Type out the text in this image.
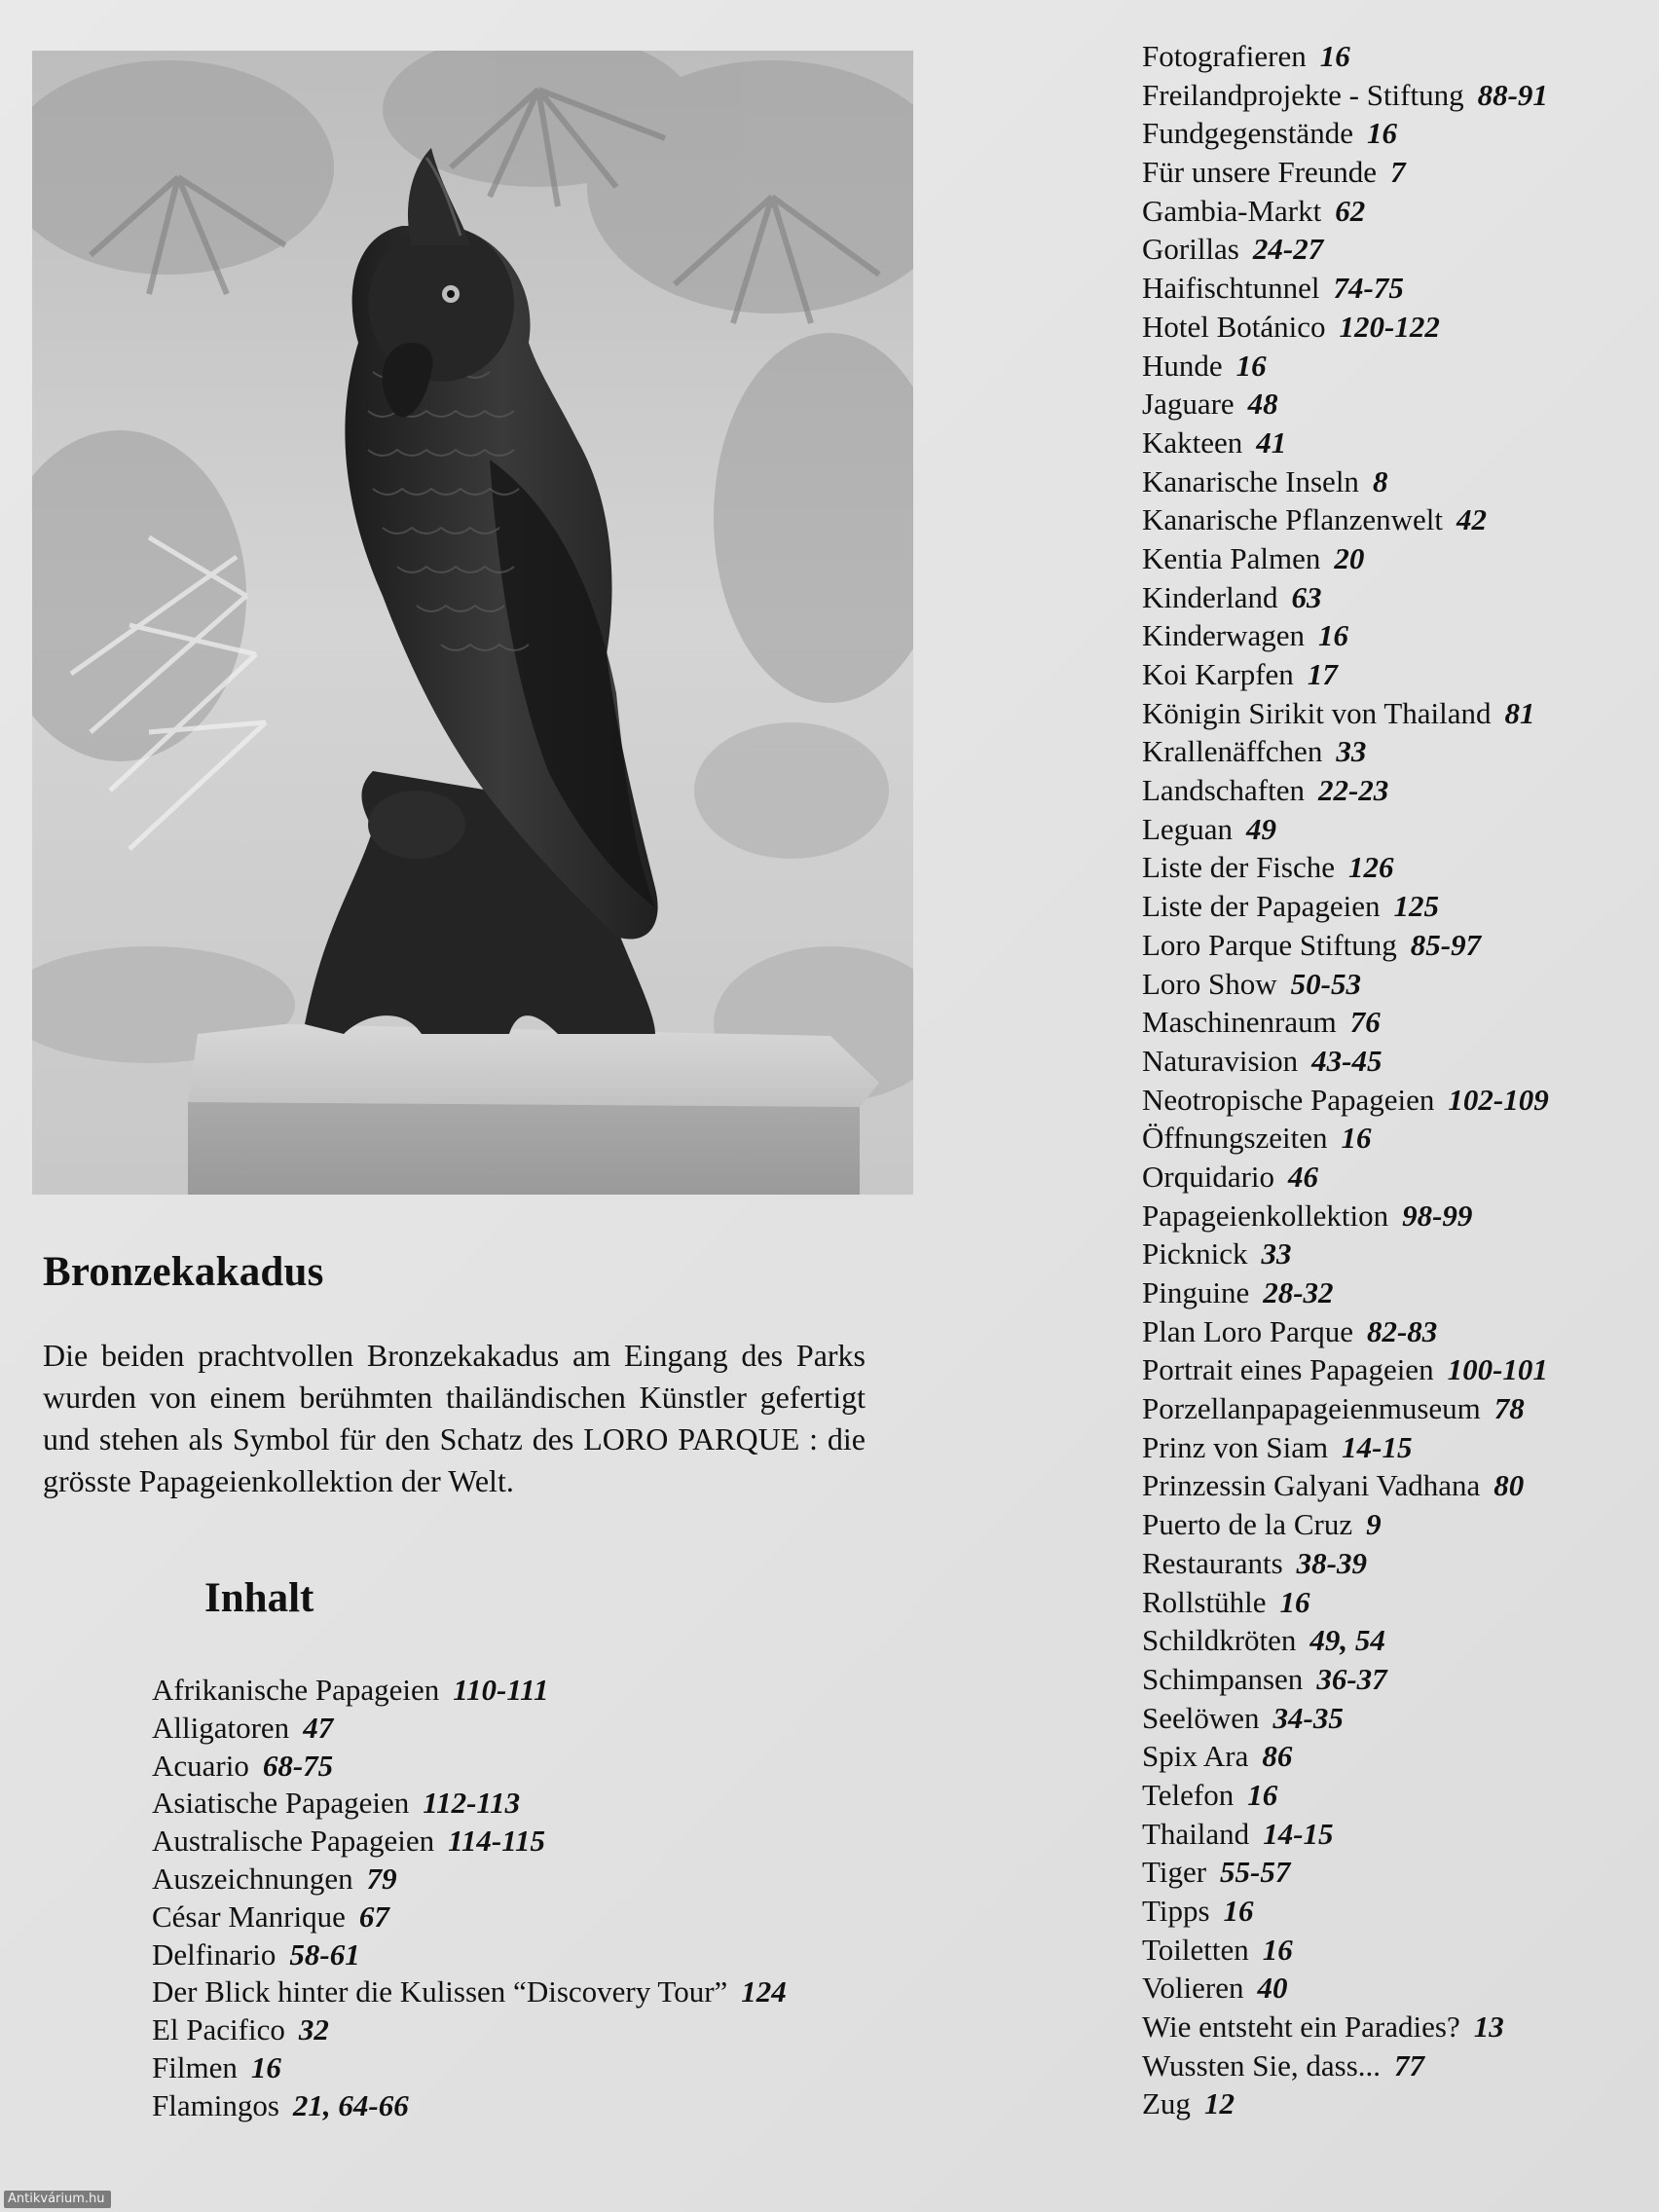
Bronzekakadus

Die beiden prachtvollen Bronzekakadus am Eingang des Parks wurden von einem berühmten thailändischen Künstler gefertigt und stehen als Symbol für den Schatz des LORO PARQUE : die grösste Papageienkollektion der Welt.

Inhalt
Afrikanische Papageien 110-111
Alligatoren 47
Acuario 68-75
Asiatische Papageien 112-113
Australische Papageien 114-115
Auszeichnungen 79
César Manrique 67
Delfinario 58-61
Der Blick hinter die Kulissen “Discovery Tour” 124
El Pacifico 32
Filmen 16
Flamingos 21, 64-66
Fotografieren 16
Freilandprojekte - Stiftung 88-91
Fundgegenstände 16
Für unsere Freunde 7
Gambia-Markt 62
Gorillas 24-27
Haifischtunnel 74-75
Hotel Botánico 120-122
Hunde 16
Jaguare 48
Kakteen 41
Kanarische Inseln 8
Kanarische Pflanzenwelt 42
Kentia Palmen 20
Kinderland 63
Kinderwagen 16
Koi Karpfen 17
Königin Sirikit von Thailand 81
Krallenäffchen 33
Landschaften 22-23
Leguan 49
Liste der Fische 126
Liste der Papageien 125
Loro Parque Stiftung 85-97
Loro Show 50-53
Maschinenraum 76
Naturavision 43-45
Neotropische Papageien 102-109
Öffnungszeiten 16
Orquidario 46
Papageienkollektion 98-99
Picknick 33
Pinguine 28-32
Plan Loro Parque 82-83
Portrait eines Papageien 100-101
Porzellanpapageienmuseum 78
Prinz von Siam 14-15
Prinzessin Galyani Vadhana 80
Puerto de la Cruz 9
Restaurants 38-39
Rollstühle 16
Schildkröten 49, 54
Schimpansen 36-37
Seelöwen 34-35
Spix Ara 86
Telefon 16
Thailand 14-15
Tiger 55-57
Tipps 16
Toiletten 16
Volieren 40
Wie entsteht ein Paradies? 13
Wussten Sie, dass... 77
Zug 12
Antikvárium.hu
